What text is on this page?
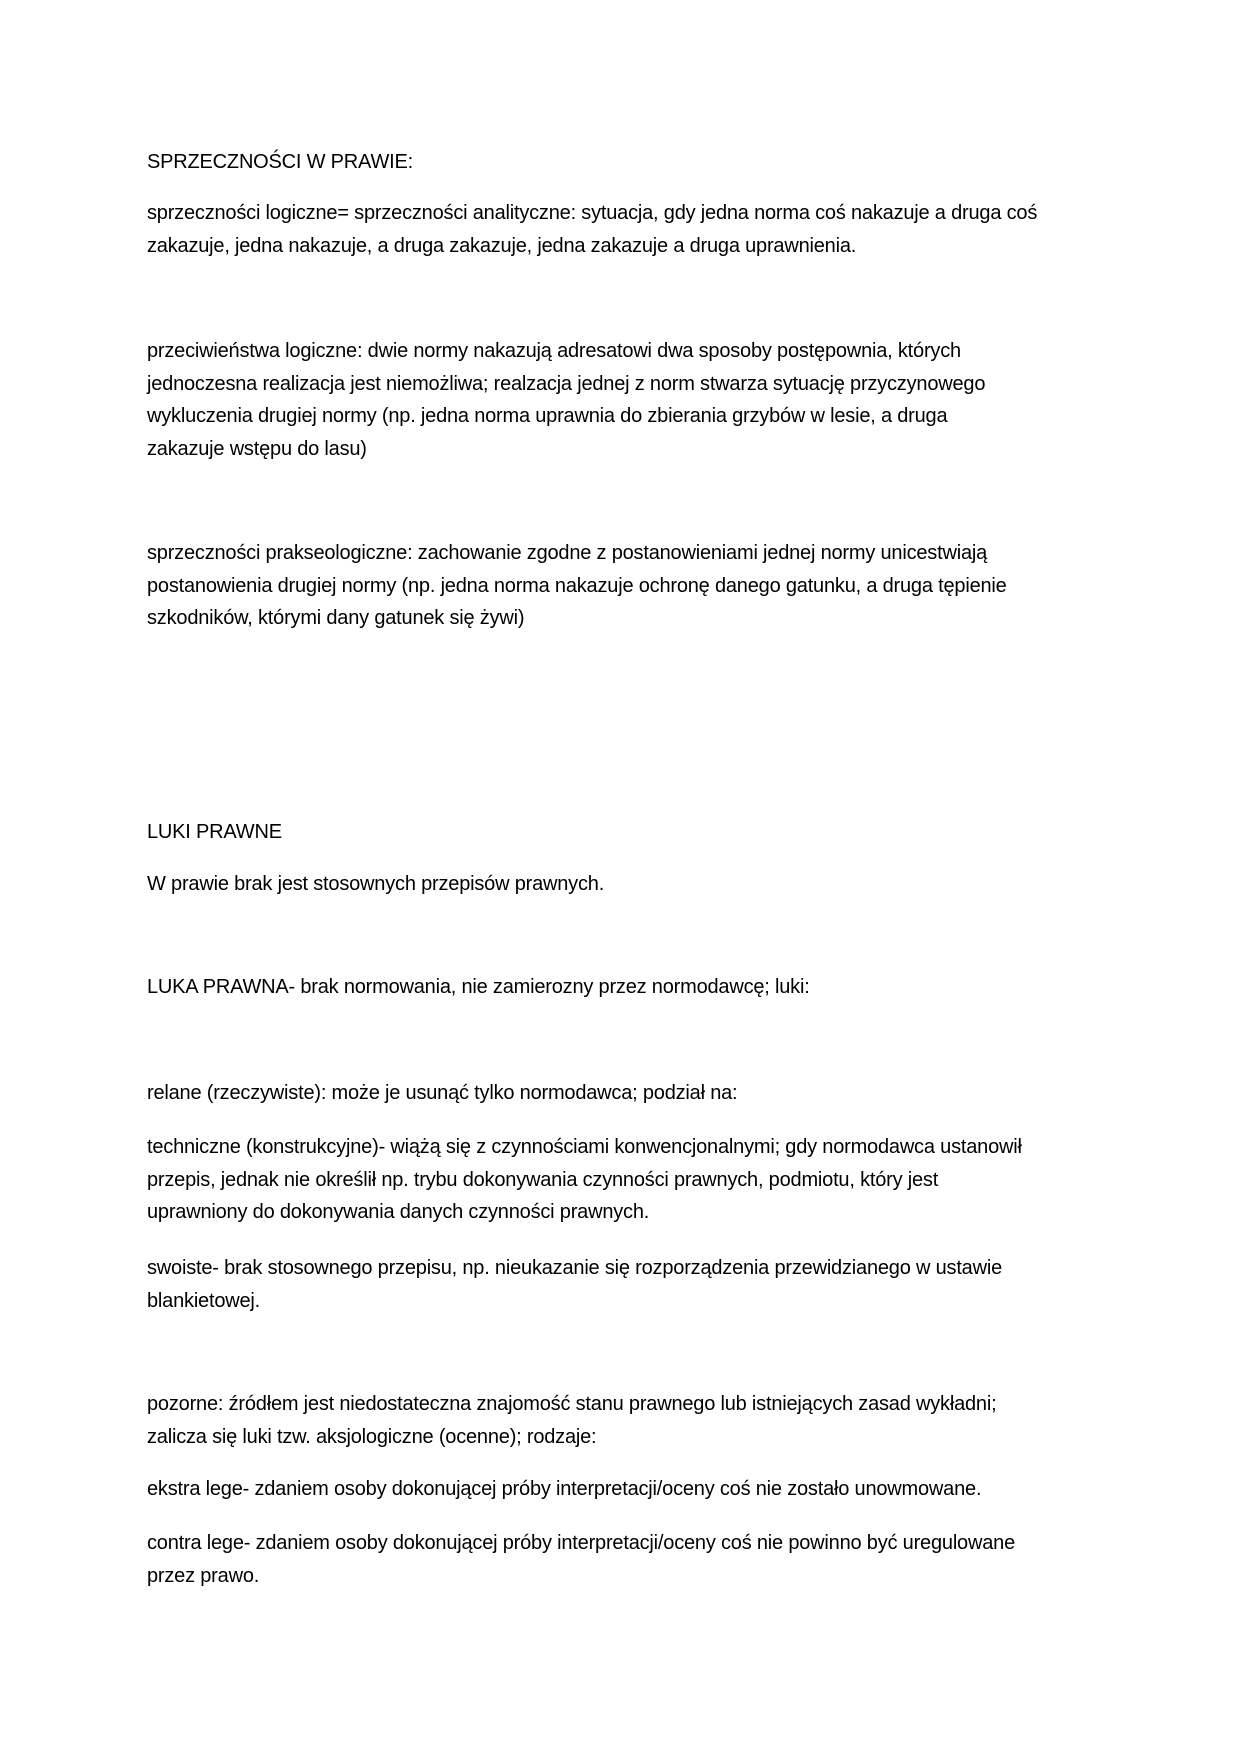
SPRZECZNOŚCI W PRAWIE:

sprzeczności logiczne= sprzeczności analityczne: sytuacja, gdy jedna norma coś nakazuje a druga coś
zakazuje, jedna nakazuje, a druga zakazuje, jedna zakazuje a druga uprawnienia.

przeciwieństwa logiczne: dwie normy nakazują adresatowi dwa sposoby postępownia, których
jednoczesna realizacja jest niemożliwa; realzacja jednej z norm stwarza sytuację przyczynowego
wykluczenia drugiej normy (np. jedna norma uprawnia do zbierania grzybów w lesie, a druga
zakazuje wstępu do lasu)

sprzeczności prakseologiczne: zachowanie zgodne z postanowieniami jednej normy unicestwiają
postanowienia drugiej normy (np. jedna norma nakazuje ochronę danego gatunku, a druga tępienie
szkodników, którymi dany gatunek się żywi)

LUKI PRAWNE

W prawie brak jest stosownych przepisów prawnych.

LUKA PRAWNA- brak normowania, nie zamierozny przez normodawcę; luki:

relane (rzeczywiste): może je usunąć tylko normodawca; podział na:

techniczne (konstrukcyjne)- wiążą się z czynnościami konwencjonalnymi; gdy normodawca ustanowił
przepis, jednak nie określił np. trybu dokonywania czynności prawnych, podmiotu, który jest
uprawniony do dokonywania danych czynności prawnych.

swoiste- brak stosownego przepisu, np. nieukazanie się rozporządzenia przewidzianego w ustawie
blankietowej.

pozorne: źródłem jest niedostateczna znajomość stanu prawnego lub istniejących zasad wykładni;
zalicza się luki tzw. aksjologiczne (ocenne); rodzaje:

ekstra lege- zdaniem osoby dokonującej próby interpretacji/oceny coś nie zostało unowmowane.

contra lege- zdaniem osoby dokonującej próby interpretacji/oceny coś nie powinno być uregulowane
przez prawo.
